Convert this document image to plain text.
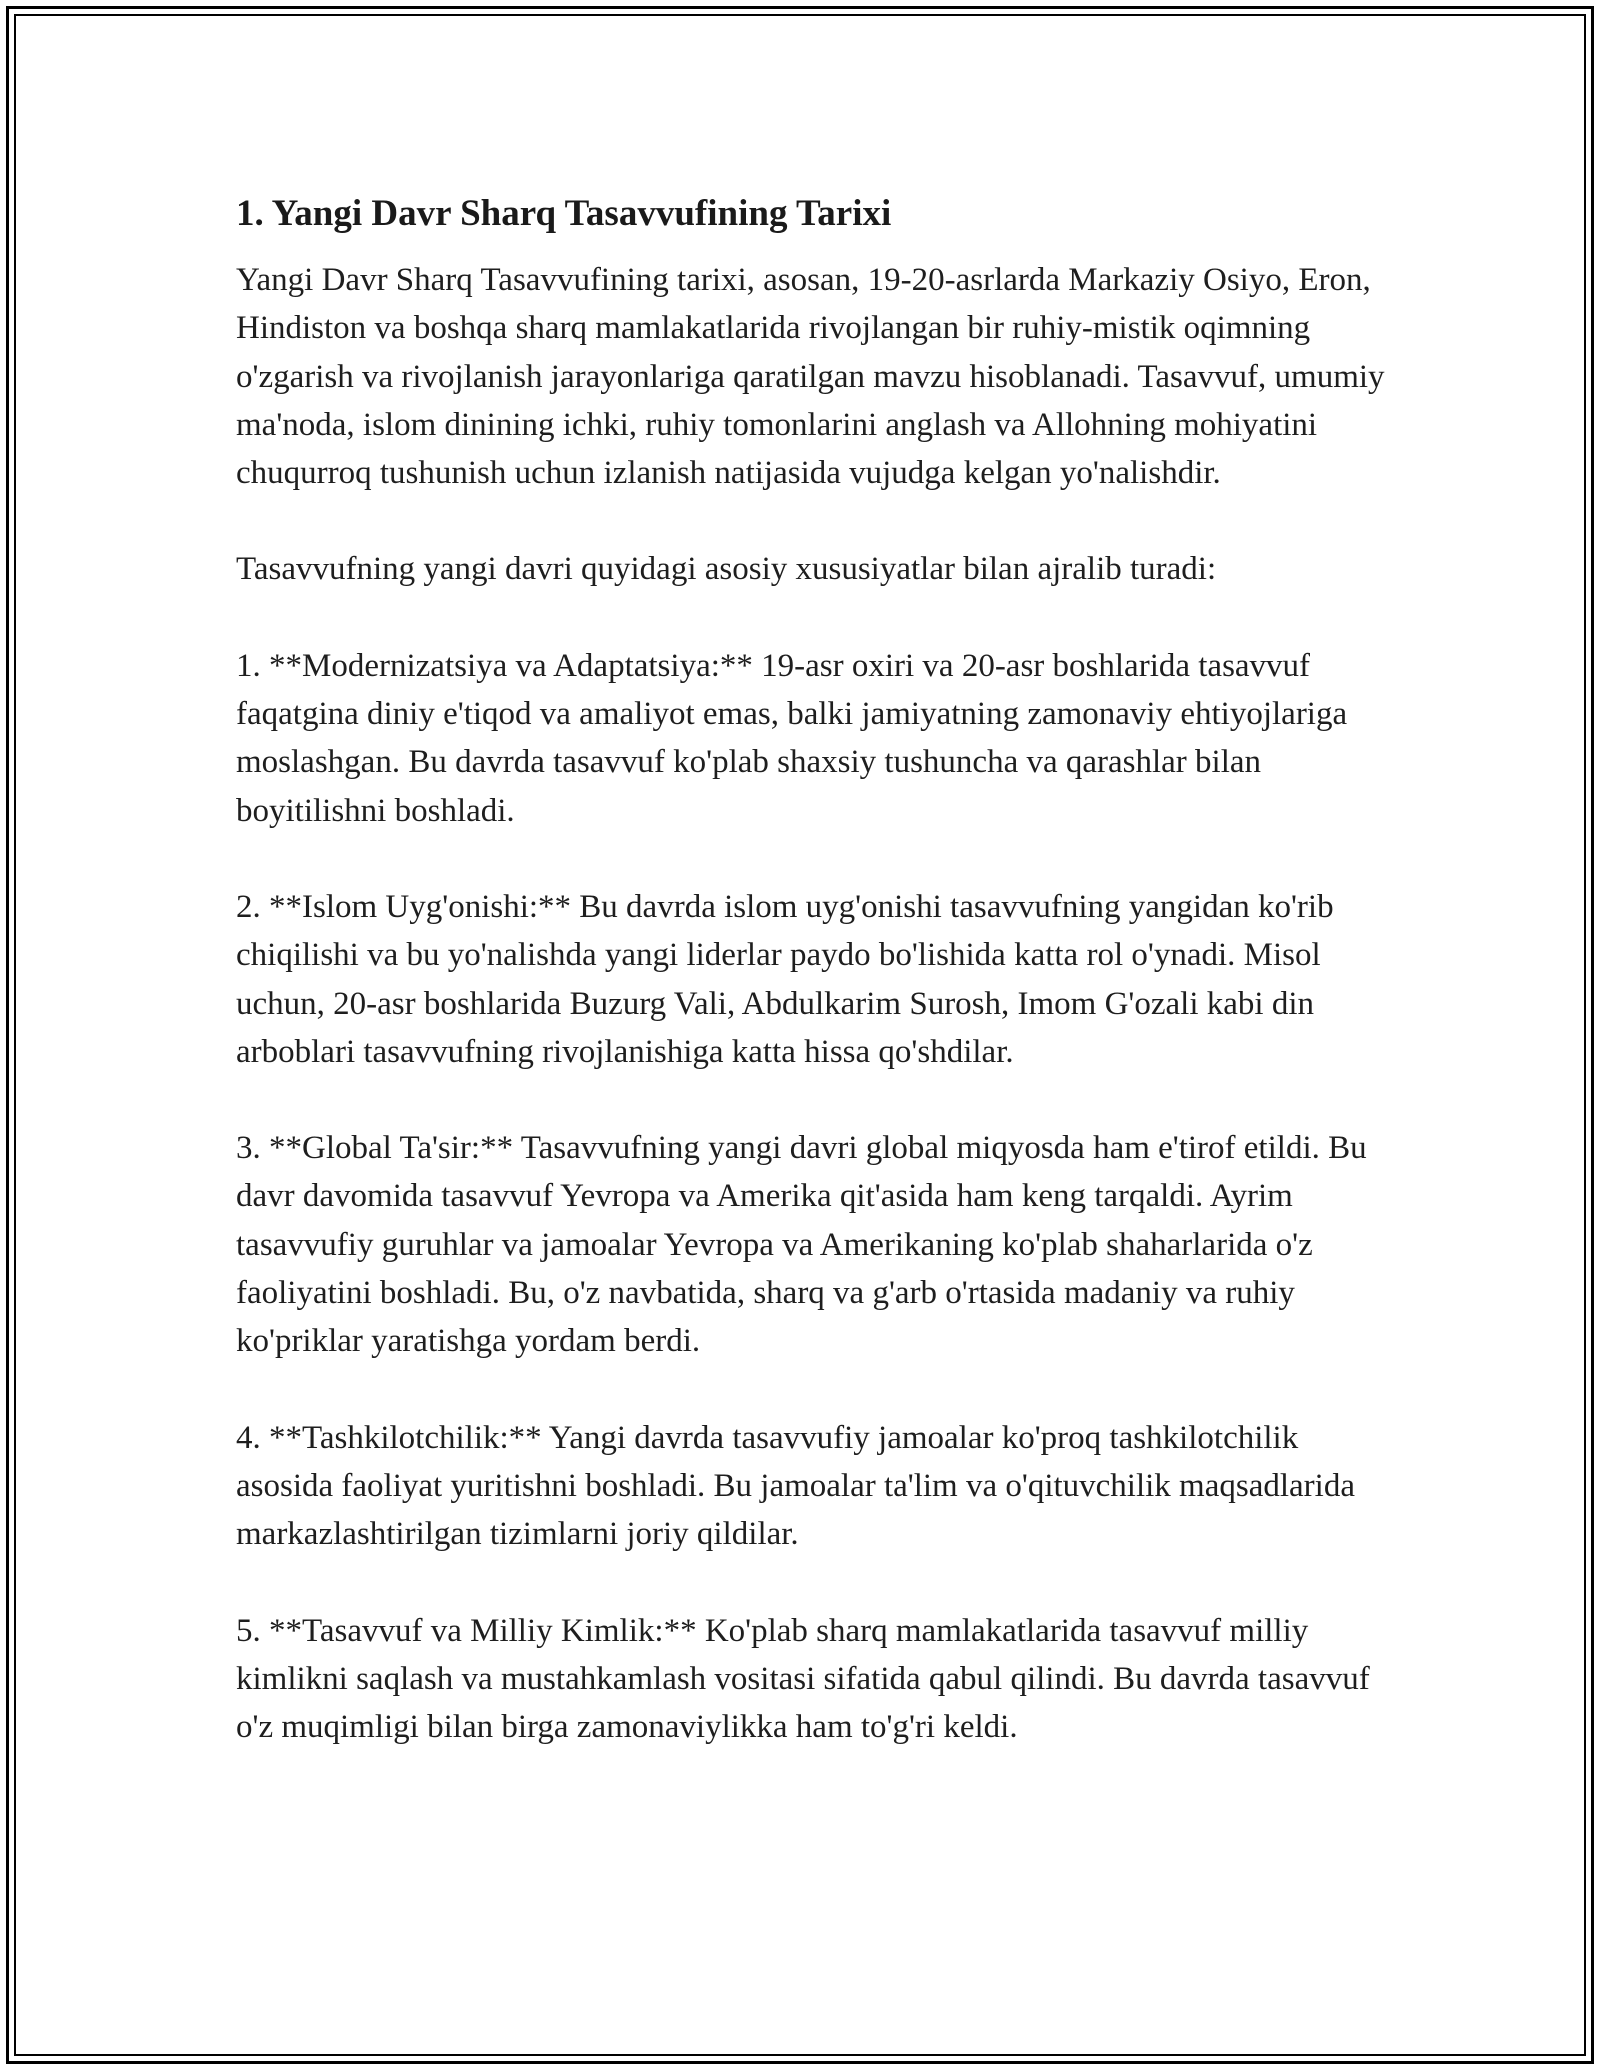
1. Yangi Davr Sharq Tasavvufining Tarixi

Yangi Davr Sharq Tasavvufining tarixi, asosan, 19-20-asrlarda Markaziy Osiyo, Eron, Hindiston va boshqa sharq mamlakatlarida rivojlangan bir ruhiy-mistik oqimning o'zgarish va rivojlanish jarayonlariga qaratilgan mavzu hisoblanadi. Tasavvuf, umumiy ma'noda, islom dinining ichki, ruhiy tomonlarini anglash va Allohning mohiyatini chuqurroq tushunish uchun izlanish natijasida vujudga kelgan yo'nalishdir.

Tasavvufning yangi davri quyidagi asosiy xususiyatlar bilan ajralib turadi:

1. **Modernizatsiya va Adaptatsiya:** 19-asr oxiri va 20-asr boshlarida tasavvuf faqatgina diniy e'tiqod va amaliyot emas, balki jamiyatning zamonaviy ehtiyojlariga moslashgan. Bu davrda tasavvuf ko'plab shaxsiy tushuncha va qarashlar bilan boyitilishni boshladi.

2. **Islom Uyg'onishi:** Bu davrda islom uyg'onishi tasavvufning yangidan ko'rib chiqilishi va bu yo'nalishda yangi liderlar paydo bo'lishida katta rol o'ynadi. Misol uchun, 20-asr boshlarida Buzurg Vali, Abdulkarim Surosh, Imom G'ozali kabi din arboblari tasavvufning rivojlanishiga katta hissa qo'shdilar.

3. **Global Ta'sir:** Tasavvufning yangi davri global miqyosda ham e'tirof etildi. Bu davr davomida tasavvuf Yevropa va Amerika qit'asida ham keng tarqaldi. Ayrim tasavvufiy guruhlar va jamoalar Yevropa va Amerikaning ko'plab shaharlarida o'z faoliyatini boshladi. Bu, o'z navbatida, sharq va g'arb o'rtasida madaniy va ruhiy ko'priklar yaratishga yordam berdi.

4. **Tashkilotchilik:** Yangi davrda tasavvufiy jamoalar ko'proq tashkilotchilik asosida faoliyat yuritishni boshladi. Bu jamoalar ta'lim va o'qituvchilik maqsadlarida markazlashtirilgan tizimlarni joriy qildilar.

5. **Tasavvuf va Milliy Kimlik:** Ko'plab sharq mamlakatlarida tasavvuf milliy kimlikni saqlash va mustahkamlash vositasi sifatida qabul qilindi. Bu davrda tasavvuf o'z muqimligi bilan birga zamonaviylikka ham to'g'ri keldi.
